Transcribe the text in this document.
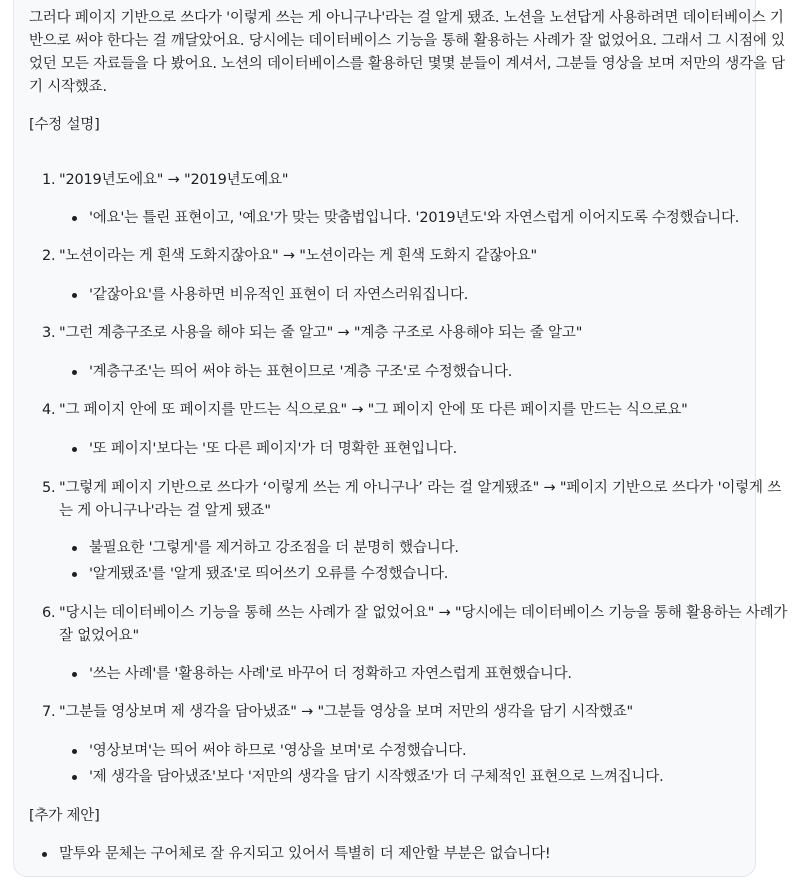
그러다 페이지 기반으로 쓰다가 '이렇게 쓰는 게 아니구나'라는 걸 알게 됐죠. 노션을 노션답게 사용하려면 데이터베이스 기
반으로 써야 한다는 걸 깨달았어요. 당시에는 데이터베이스 기능을 통해 활용하는 사례가 잘 없었어요. 그래서 그 시점에 있
었던 모든 자료들을 다 봤어요. 노션의 데이터베이스를 활용하던 몇몇 분들이 계셔서, 그분들 영상을 보며 저만의 생각을 담
기 시작했죠.

[수정 설명]
1. "2019년도에요" → "2019년도예요"
'에요'는 틀린 표현이고, '예요'가 맞는 맞춤법입니다. '2019년도'와 자연스럽게 이어지도록 수정했습니다.
2. "노션이라는 게 흰색 도화지잖아요" → "노션이라는 게 흰색 도화지 같잖아요"
'같잖아요'를 사용하면 비유적인 표현이 더 자연스러워집니다.
3. "그런 계층구조로 사용을 해야 되는 줄 알고" → "계층 구조로 사용해야 되는 줄 알고"
'계층구조'는 띄어 써야 하는 표현이므로 '계층 구조'로 수정했습니다.
4. "그 페이지 안에 또 페이지를 만드는 식으로요" → "그 페이지 안에 또 다른 페이지를 만드는 식으로요"
'또 페이지'보다는 '또 다른 페이지'가 더 명확한 표현입니다.
5. "그렇게 페이지 기반으로 쓰다가 ‘이렇게 쓰는 게 아니구나’ 라는 걸 알게됐죠" → "페이지 기반으로 쓰다가 '이렇게 쓰
는 게 아니구나'라는 걸 알게 됐죠"
불필요한 '그렇게'를 제거하고 강조점을 더 분명히 했습니다.
'알게됐죠'를 '알게 됐죠'로 띄어쓰기 오류를 수정했습니다.
6. "당시는 데이터베이스 기능을 통해 쓰는 사례가 잘 없었어요" → "당시에는 데이터베이스 기능을 통해 활용하는 사례가
잘 없었어요"
'쓰는 사례'를 '활용하는 사례'로 바꾸어 더 정확하고 자연스럽게 표현했습니다.
7. "그분들 영상보며 제 생각을 담아냈죠" → "그분들 영상을 보며 저만의 생각을 담기 시작했죠"
'영상보며'는 띄어 써야 하므로 '영상을 보며'로 수정했습니다.
'제 생각을 담아냈죠'보다 '저만의 생각을 담기 시작했죠'가 더 구체적인 표현으로 느껴집니다.
[추가 제안]
말투와 문체는 구어체로 잘 유지되고 있어서 특별히 더 제안할 부분은 없습니다!
